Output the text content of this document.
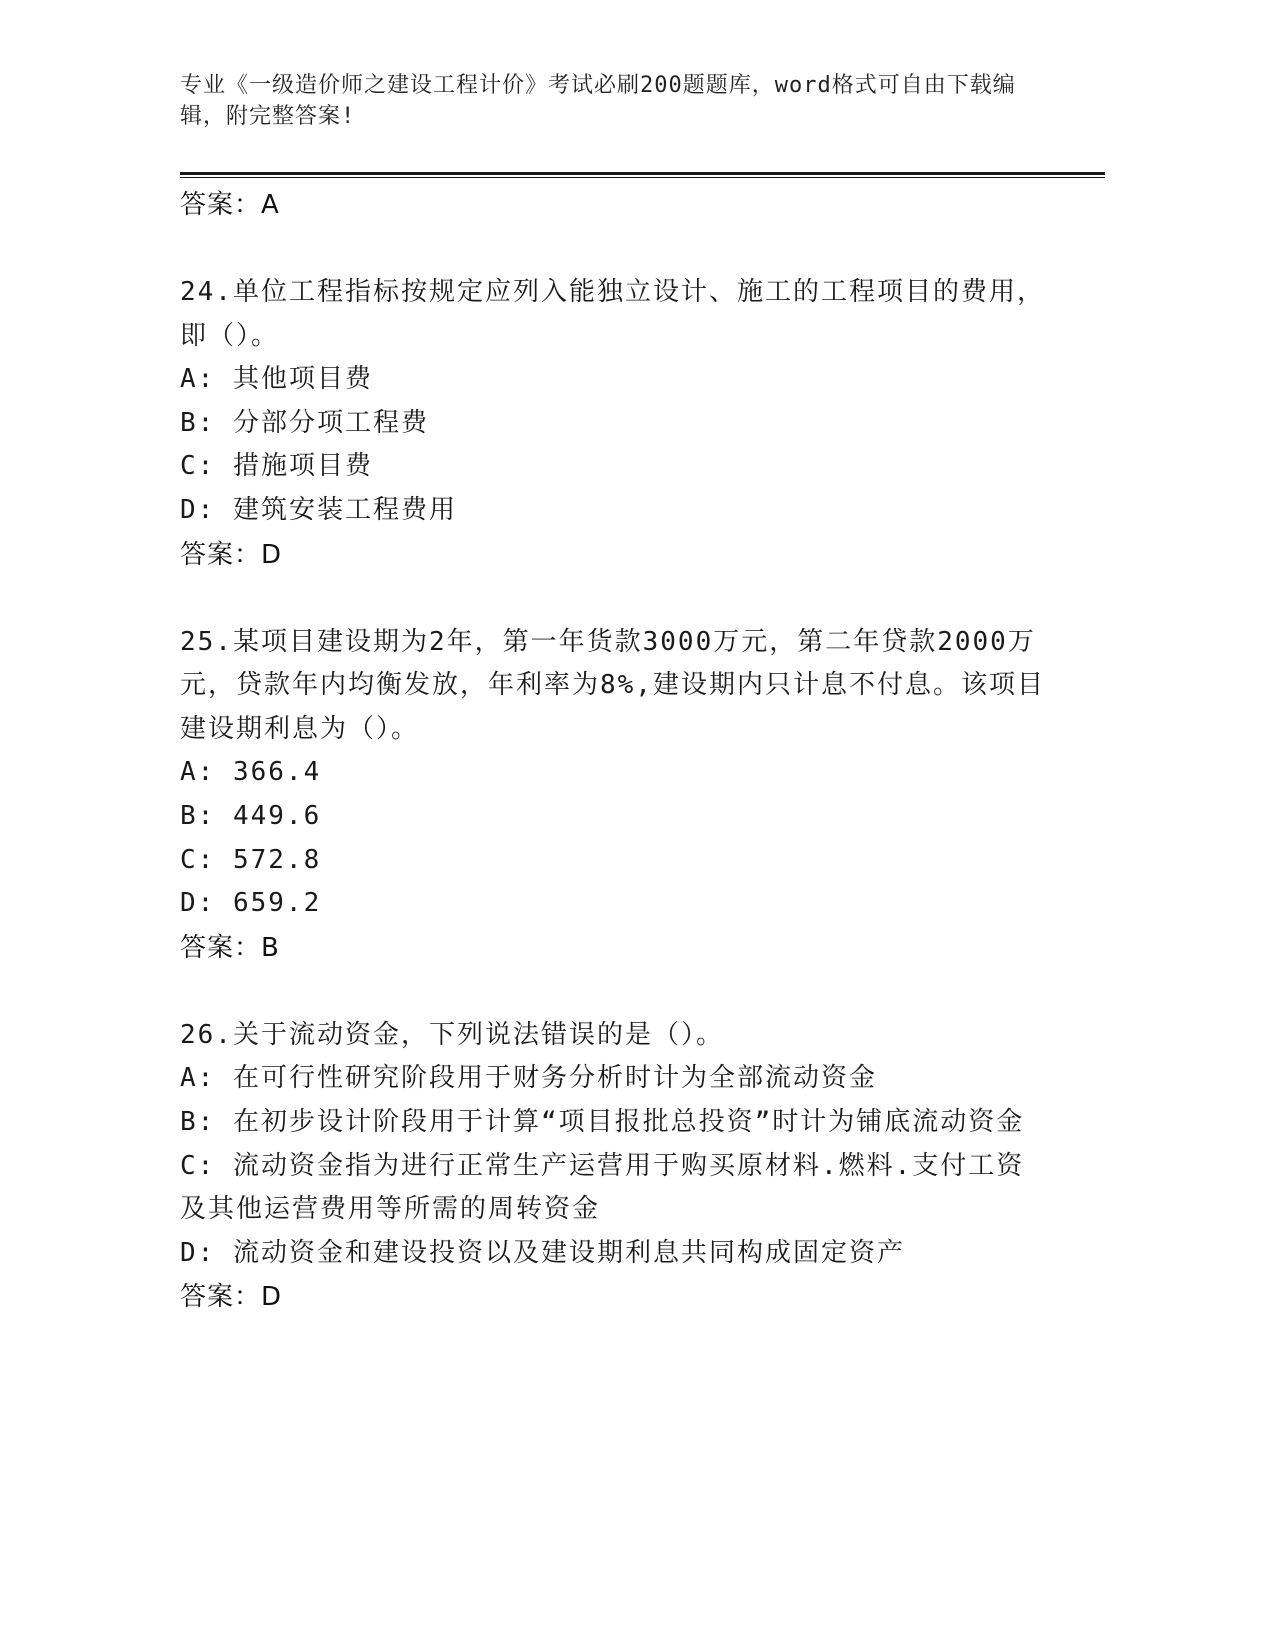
专业《一级造价师之建设工程计价》考试必刷200题题库，word格式可自由下载编辑，附完整答案!
答案：A
24.单位工程指标按规定应列入能独立设计、施工的工程项目的费用，即（）。
A: 其他项目费
B: 分部分项工程费
C: 措施项目费
D: 建筑安装工程费用
答案：D
25.某项目建设期为2年，第一年货款3000万元，第二年贷款2000万元，贷款年内均衡发放，年利率为8%,建设期内只计息不付息。该项目建设期利息为（）。
A: 366.4
B: 449.6
C: 572.8
D: 659.2
答案：B
26.关于流动资金，下列说法错误的是（）。
A: 在可行性研究阶段用于财务分析时计为全部流动资金
B: 在初步设计阶段用于计算“项目报批总投资”时计为铺底流动资金
C: 流动资金指为进行正常生产运营用于购买原材料.燃料.支付工资及其他运营费用等所需的周转资金
D: 流动资金和建设投资以及建设期利息共同构成固定资产
答案：D
